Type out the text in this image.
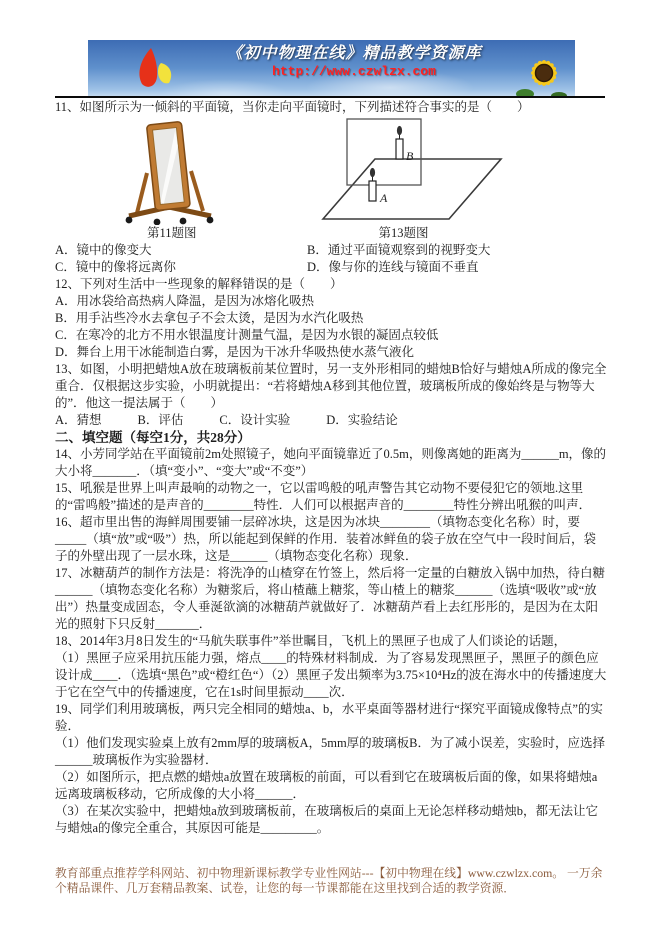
《初中物理在线》精品教学资源库
http://www.czwlzx.com

11、如图所示为一倾斜的平面镜，当你走向平面镜时，下列描述符合事实的是（　　）

B
A
第11题图	第13题图
A．镜中的像变大	B．通过平面镜观察到的视野变大
C．镜中的像将远离你	D．像与你的连线与镜面不垂直

12、下列对生活中一些现象的解释错误的是（　　）

A．用冰袋给高热病人降温，是因为冰熔化吸热

B．用手沾些冷水去拿包子不会太烫，是因为水汽化吸热

C．在寒冷的北方不用水银温度计测量气温，是因为水银的凝固点较低

D．舞台上用干冰能制造白雾，是因为干冰升华吸热使水蒸气液化

13、如图，小明把蜡烛A放在玻璃板前某位置时，另一支外形相同的蜡烛B恰好与蜡烛A所成的像完全重合．仅根据这步实验，小明就提出：“若将蜡烛A移到其他位置，玻璃板所成的像始终是与物等大的”．他这一提法属于（　　）

A．猜想	B．评估	C．设计实验	D．实验结论

二、填空题（每空1分，共28分）

14、小芳同学站在平面镜前2m处照镜子，她向平面镜靠近了0.5m，则像离她的距离为______m，像的大小将_______．（填“变小”、“变大”或“不变”）

15、吼猴是世界上叫声最响的动物之一，它以雷鸣般的吼声警告其它动物不要侵犯它的领地.这里的“雷鸣般”描述的是声音的________特性．人们可以根据声音的________特性分辨出吼猴的叫声．

16、超市里出售的海鲜周围要铺一层碎冰块，这是因为冰块________（填物态变化名称）时，要_____（填“放”或“吸”）热，所以能起到保鲜的作用．装着冰鲜鱼的袋子放在空气中一段时间后，袋子的外壁出现了一层水珠，这是______（填物态变化名称）现象．

17、冰糖葫芦的制作方法是：将洗净的山楂穿在竹签上，然后将一定量的白糖放入锅中加热，待白糖______（填物态变化名称）为糖浆后，将山楂蘸上糖浆，等山楂上的糖浆______（选填“吸收”或“放出”）热量变成固态，令人垂涎欲滴的冰糖葫芦就做好了．冰糖葫芦看上去红彤彤的，是因为在太阳光的照射下只反射_______．

18、2014年3月8日发生的“马航失联事件”举世瞩目，飞机上的黑匣子也成了人们谈论的话题，

（1）黑匣子应采用抗压能力强，熔点____的特殊材料制成．为了容易发现黑匣子，黑匣子的颜色应设计成____．（选填“黑色”或“橙红色“）（2）黑匣子发出频率为3.75×10⁴Hz的波在海水中的传播速度大于它在空气中的传播速度，它在1s时间里振动____次．

19、同学们利用玻璃板，两只完全相同的蜡烛a、b，水平桌面等器材进行“探究平面镜成像特点”的实验．

（1）他们发现实验桌上放有2mm厚的玻璃板A，5mm厚的玻璃板B．为了减小误差，实验时，应选择______玻璃板作为实验器材．

（2）如图所示，把点燃的蜡烛a放置在玻璃板的前面，可以看到它在玻璃板后面的像，如果将蜡烛a远离玻璃板移动，它所成像的大小将______．

（3）在某次实验中，把蜡烛a放到玻璃板前，在玻璃板后的桌面上无论怎样移动蜡烛b，都无法让它与蜡烛a的像完全重合，其原因可能是_________。

教育部重点推荐学科网站、初中物理新课标教学专业性网站---【初中物理在线】www.czwlzx.com。 一万余个精品课件、几万套精品教案、试卷，让您的每一节课都能在这里找到合适的教学资源．
